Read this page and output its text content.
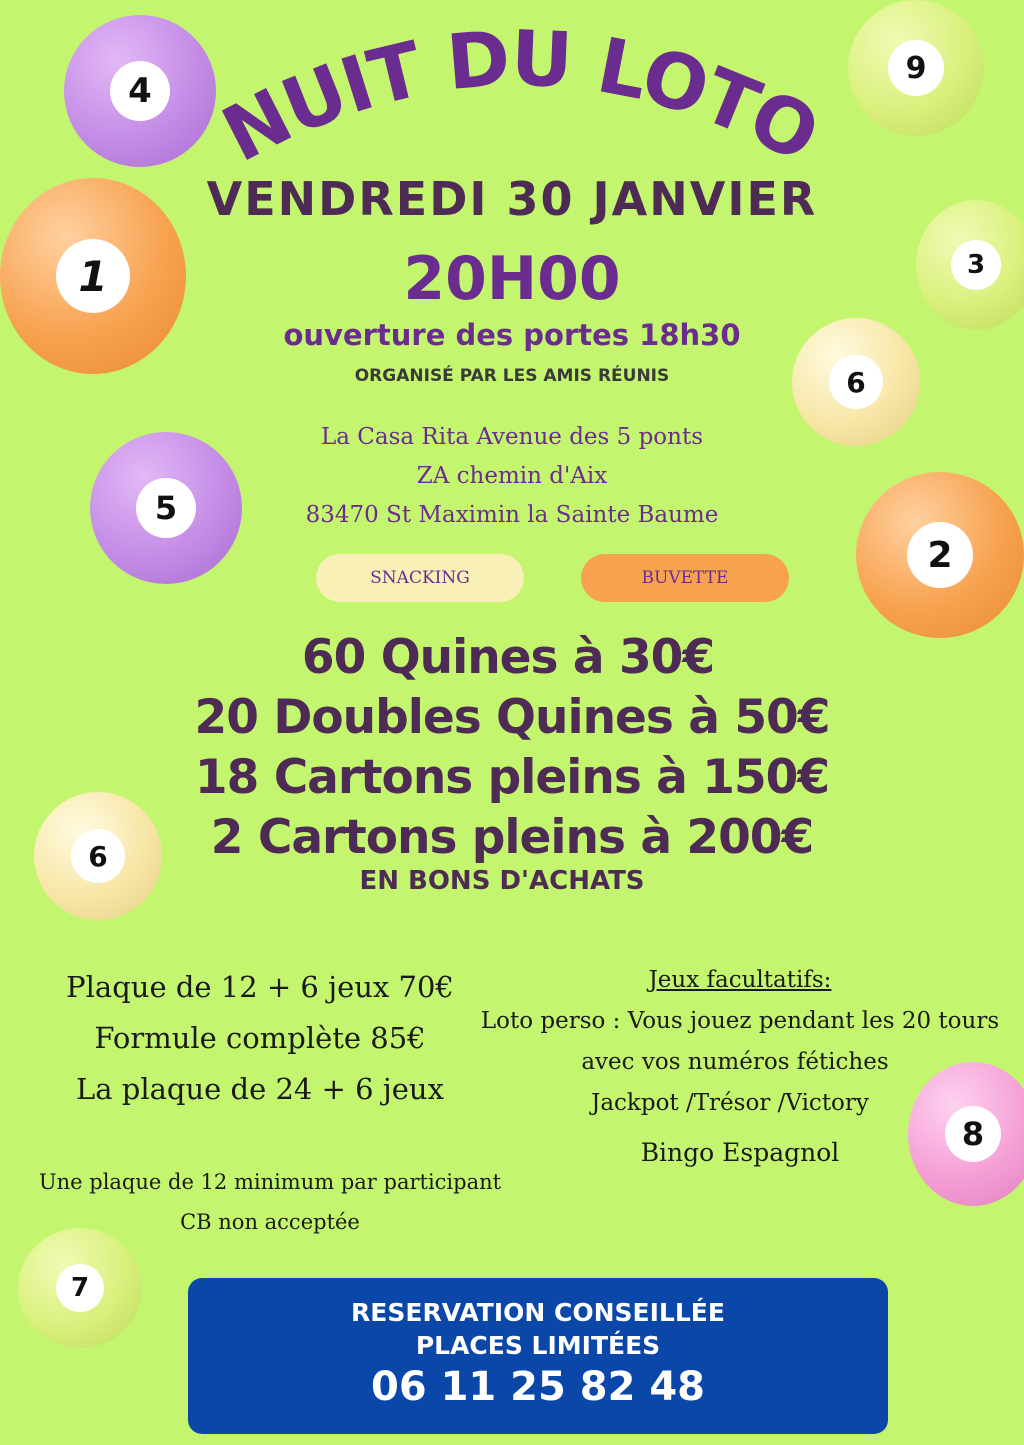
4
9
1	3
6
5
2
6
8
7
NUIT DU LOTO
VENDREDI 30 JANVIER
20H00
ouverture des portes 18h30
ORGANISÉ PAR LES AMIS RÉUNIS
La Casa Rita Avenue des 5 ponts
ZA chemin d'Aix
83470 St Maximin la Sainte Baume
SNACKING	BUVETTE
60 Quines à 30€
20 Doubles Quines à 50€
18 Cartons pleins à 150€
2 Cartons pleins à 200€
EN BONS D'ACHATS
Plaque de 12 + 6 jeux 70€
Formule complète 85€
La plaque de 24 + 6 jeux
Une plaque de 12 minimum par participant
CB non acceptée
Jeux facultatifs:
Loto perso : Vous jouez pendant les 20 tours
avec vos numéros fétiches
Jackpot /Trésor /Victory
Bingo Espagnol
RESERVATION CONSEILLÉE
PLACES LIMITÉES
06 11 25 82 48
